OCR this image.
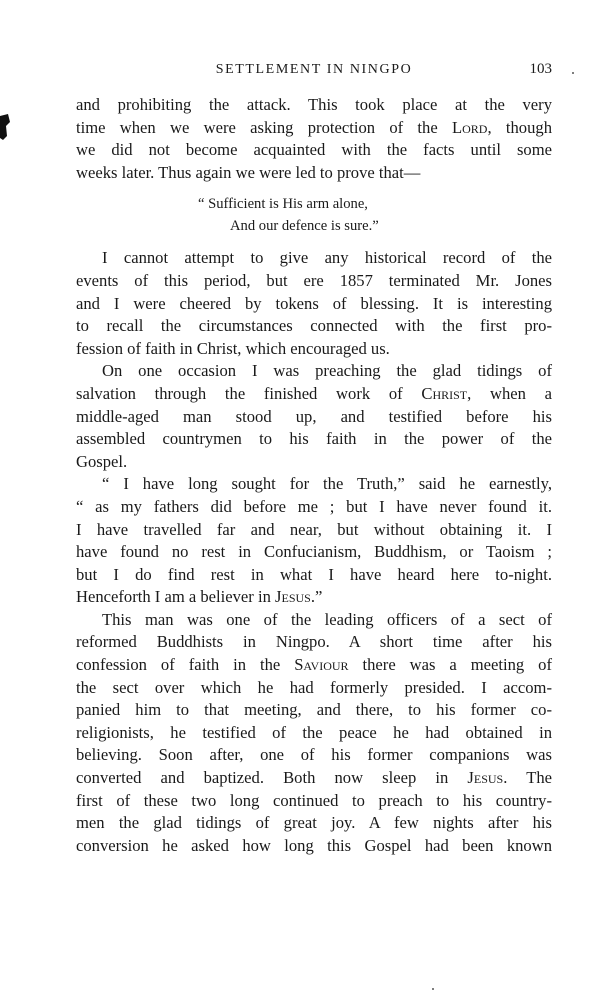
SETTLEMENT IN NINGPO	103
and prohibiting the attack. This took place at the very
time when we were asking protection of the Lord, though
we did not become acquainted with the facts until some
weeks later. Thus again we were led to prove that—
“ Sufficient is His arm alone,
And our defence is sure.”
I cannot attempt to give any historical record of the
events of this period, but ere 1857 terminated Mr. Jones
and I were cheered by tokens of blessing. It is interesting
to recall the circumstances connected with the first pro-
fession of faith in Christ, which encouraged us.
On one occasion I was preaching the glad tidings of
salvation through the finished work of Christ, when a
middle-aged man stood up, and testified before his
assembled countrymen to his faith in the power of the
Gospel.
“ I have long sought for the Truth,” said he earnestly,
“ as my fathers did before me ; but I have never found it.
I have travelled far and near, but without obtaining it. I
have found no rest in Confucianism, Buddhism, or Taoism ;
but I do find rest in what I have heard here to-night.
Henceforth I am a believer in Jesus.”
This man was one of the leading officers of a sect of
reformed Buddhists in Ningpo. A short time after his
confession of faith in the Saviour there was a meeting of
the sect over which he had formerly presided. I accom-
panied him to that meeting, and there, to his former co-
religionists, he testified of the peace he had obtained in
believing. Soon after, one of his former companions was
converted and baptized. Both now sleep in Jesus. The
first of these two long continued to preach to his country-
men the glad tidings of great joy. A few nights after his
conversion he asked how long this Gospel had been known
